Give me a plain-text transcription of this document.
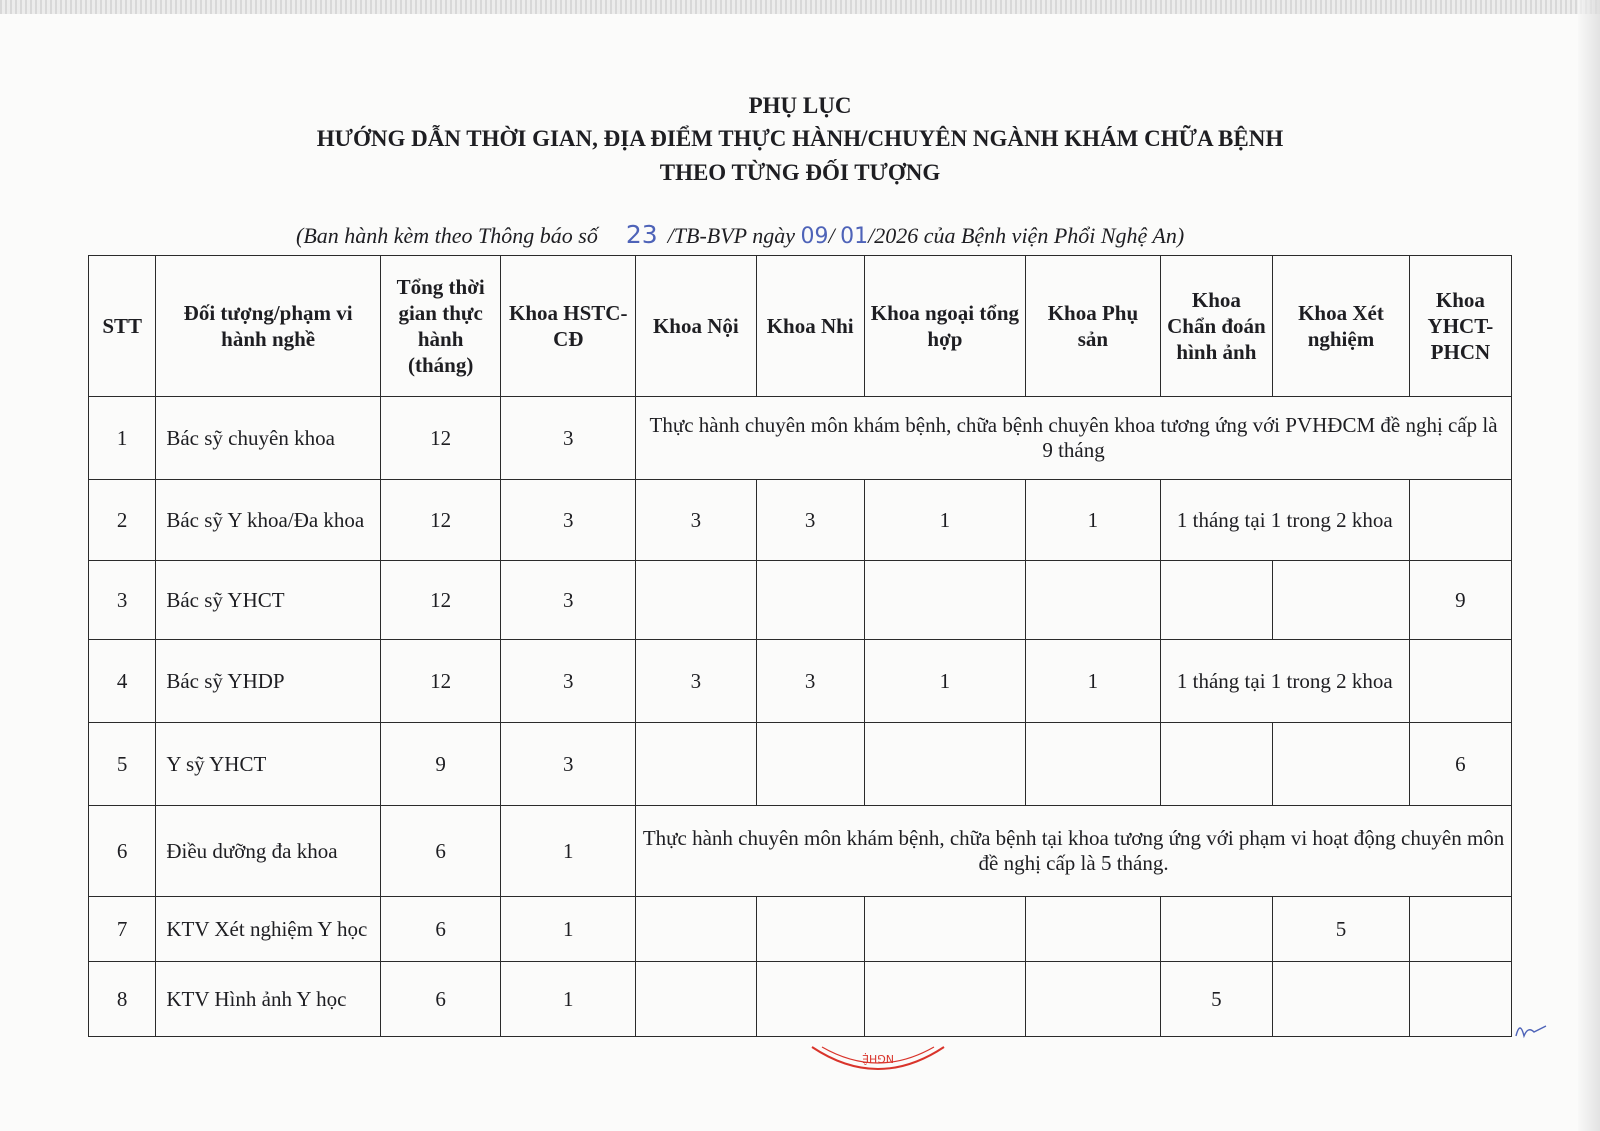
PHỤ LỤC
HƯỚNG DẪN THỜI GIAN, ĐỊA ĐIỂM THỰC HÀNH/CHUYÊN NGÀNH KHÁM CHỮA BỆNH
THEO TỪNG ĐỐI TƯỢNG
(Ban hành kèm theo Thông báo số 23 /TB-BVP ngày 09/ 01/2026 của Bệnh viện Phổi Nghệ An)
STT	Đối tượng/phạm vi hành nghề	Tổng thời gian thực hành (tháng)	Khoa HSTC-CĐ	Khoa Nội	Khoa Nhi	Khoa ngoại tổng hợp	Khoa Phụ sản	Khoa Chẩn đoán hình ảnh	Khoa Xét nghiệm	Khoa YHCT-PHCN
1	Bác sỹ chuyên khoa	12	3	Thực hành chuyên môn khám bệnh, chữa bệnh chuyên khoa tương ứng với PVHĐCM đề nghị cấp là 9 tháng						
2	Bác sỹ Y khoa/Đa khoa	12	3	3	3	1	1	1 tháng tại 1 trong 2 khoa		
3	Bác sỹ YHCT	12	3							9
4	Bác sỹ YHDP	12	3	3	3	1	1	1 tháng tại 1 trong 2 khoa		
5	Y sỹ YHCT	9	3							6
6	Điều dưỡng đa khoa	6	1	Thực hành chuyên môn khám bệnh, chữa bệnh tại khoa tương ứng với phạm vi hoạt động chuyên môn đề nghị cấp là 5 tháng.						
7	KTV Xét nghiệm Y học	6	1						5	
8	KTV Hình ảnh Y học	6	1					5		
NGHỆ
